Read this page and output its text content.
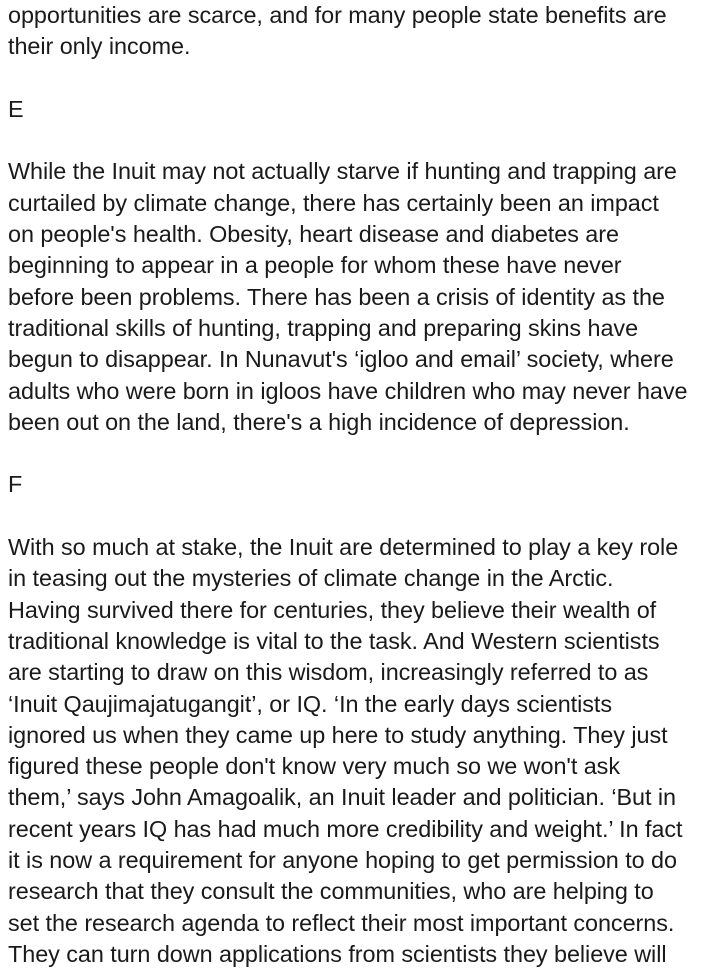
opportunities are scarce, and for many people state benefits are
their only income.
E
While the Inuit may not actually starve if hunting and trapping are
curtailed by climate change, there has certainly been an impact
on people's health. Obesity, heart disease and diabetes are
beginning to appear in a people for whom these have never
before been problems. There has been a crisis of identity as the
traditional skills of hunting, trapping and preparing skins have
begun to disappear. In Nunavut's ‘igloo and email’ society, where
adults who were born in igloos have children who may never have
been out on the land, there's a high incidence of depression.
F
With so much at stake, the Inuit are determined to play a key role
in teasing out the mysteries of climate change in the Arctic.
Having survived there for centuries, they believe their wealth of
traditional knowledge is vital to the task. And Western scientists
are starting to draw on this wisdom, increasingly referred to as
‘Inuit Qaujimajatugangit’, or IQ. ‘In the early days scientists
ignored us when they came up here to study anything. They just
figured these people don't know very much so we won't ask
them,’ says John Amagoalik, an Inuit leader and politician. ‘But in
recent years IQ has had much more credibility and weight.’ In fact
it is now a requirement for anyone hoping to get permission to do
research that they consult the communities, who are helping to
set the research agenda to reflect their most important concerns.
They can turn down applications from scientists they believe will
